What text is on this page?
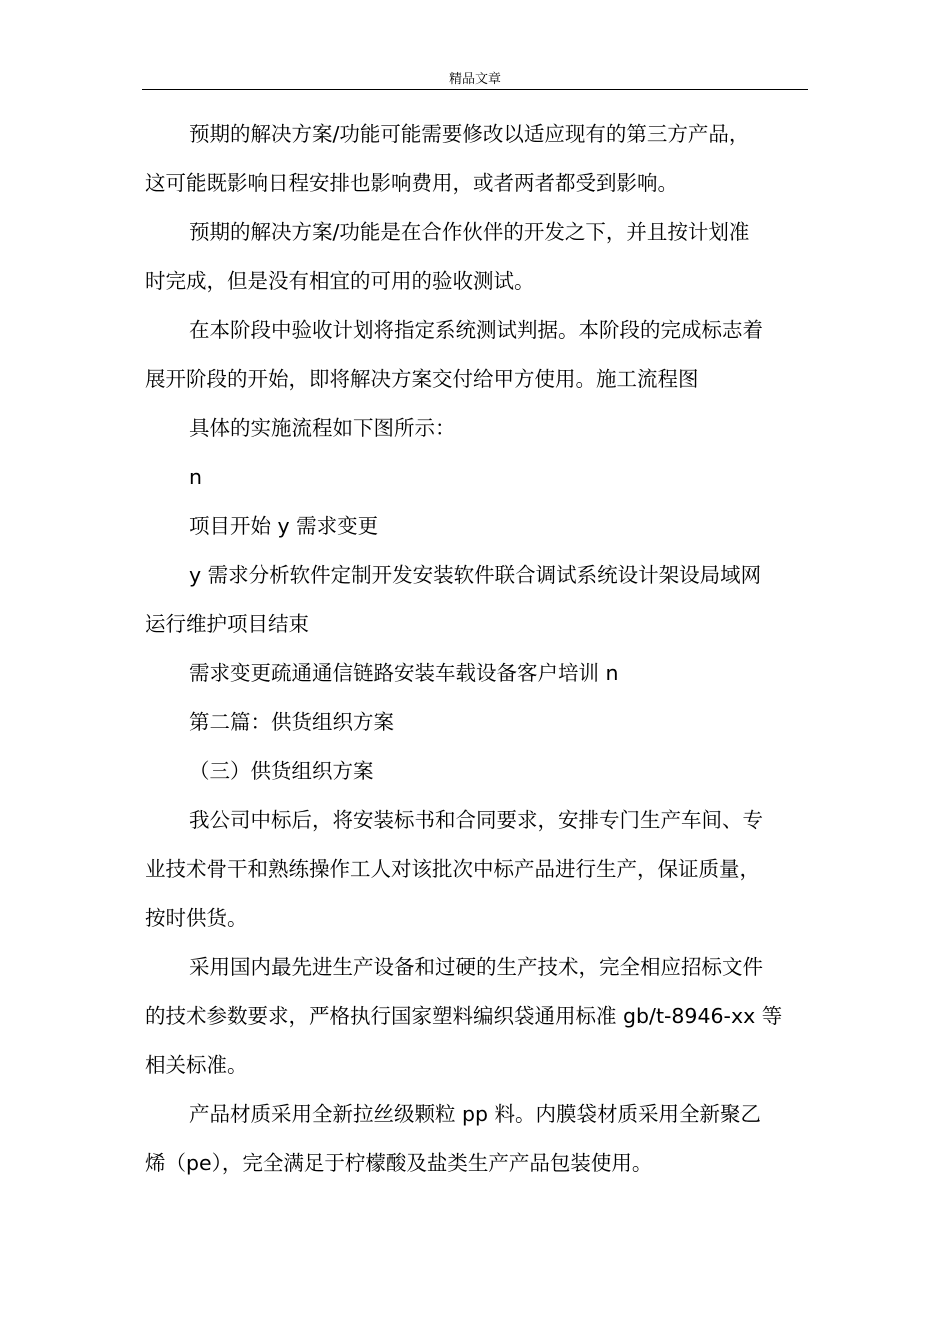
精品文章

预期的解决方案/功能可能需要修改以适应现有的第三方产品，
这可能既影响日程安排也影响费用，或者两者都受到影响。

预期的解决方案/功能是在合作伙伴的开发之下，并且按计划准
时完成，但是没有相宜的可用的验收测试。

在本阶段中验收计划将指定系统测试判据。本阶段的完成标志着
展开阶段的开始，即将解决方案交付给甲方使用。施工流程图

具体的实施流程如下图所示：

n

项目开始 y 需求变更

y 需求分析软件定制开发安装软件联合调试系统设计架设局域网
运行维护项目结束

需求变更疏通通信链路安装车载设备客户培训 n

第二篇：供货组织方案

（三）供货组织方案

我公司中标后，将安装标书和合同要求，安排专门生产车间、专
业技术骨干和熟练操作工人对该批次中标产品进行生产，保证质量，
按时供货。

采用国内最先进生产设备和过硬的生产技术，完全相应招标文件
的技术参数要求，严格执行国家塑料编织袋通用标准 gb/t-8946-xx 等
相关标准。

产品材质采用全新拉丝级颗粒 pp 料。内膜袋材质采用全新聚乙
烯（pe），完全满足于柠檬酸及盐类生产产品包装使用。
